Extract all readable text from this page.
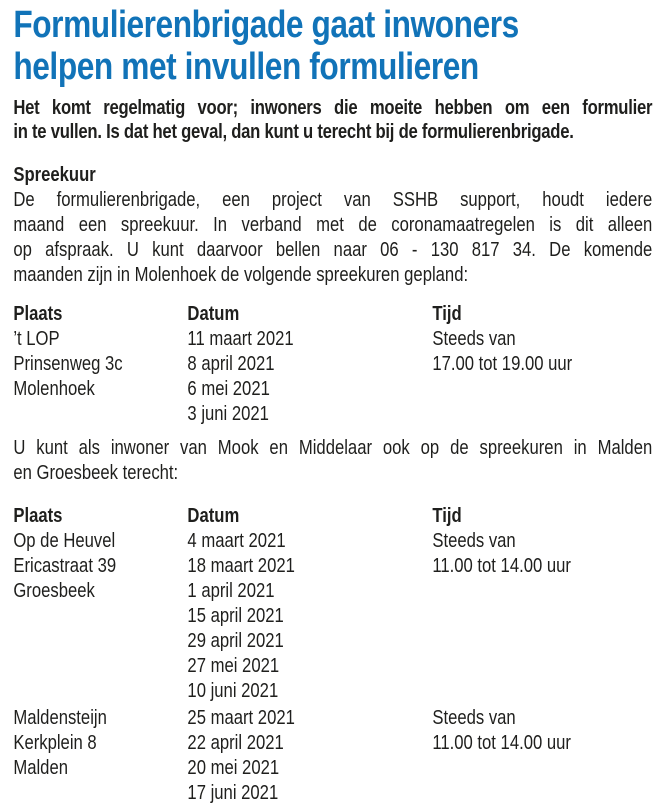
Formulierenbrigade gaat inwoners
helpen met invullen formulieren
Het komt regelmatig voor; inwoners die moeite hebben om een formulier
in te vullen. Is dat het geval, dan kunt u terecht bij de formulierenbrigade.
Spreekuur
De formulierenbrigade, een project van SSHB support, houdt iedere
maand een spreekuur. In verband met de coronamaatregelen is dit alleen
op afspraak. U kunt daarvoor bellen naar 06 - 130 817 34. De komende
maanden zijn in Molenhoek de volgende spreekuren gepland:
Plaats
’t LOP
Prinsenweg 3c
Molenhoek
Datum
11 maart 2021
8 april 2021
6 mei 2021
3 juni 2021
Tijd
Steeds van
17.00 tot 19.00 uur
U kunt als inwoner van Mook en Middelaar ook op de spreekuren in Malden
en Groesbeek terecht:
Plaats
Op de Heuvel
Ericastraat 39
Groesbeek
Datum
4 maart 2021
18 maart 2021
1 april 2021
15 april 2021
29 april 2021
27 mei 2021
10 juni 2021
Tijd
Steeds van
11.00 tot 14.00 uur
Maldensteijn
Kerkplein 8
Malden
25 maart 2021
22 april 2021
20 mei 2021
17 juni 2021
Steeds van
11.00 tot 14.00 uur
